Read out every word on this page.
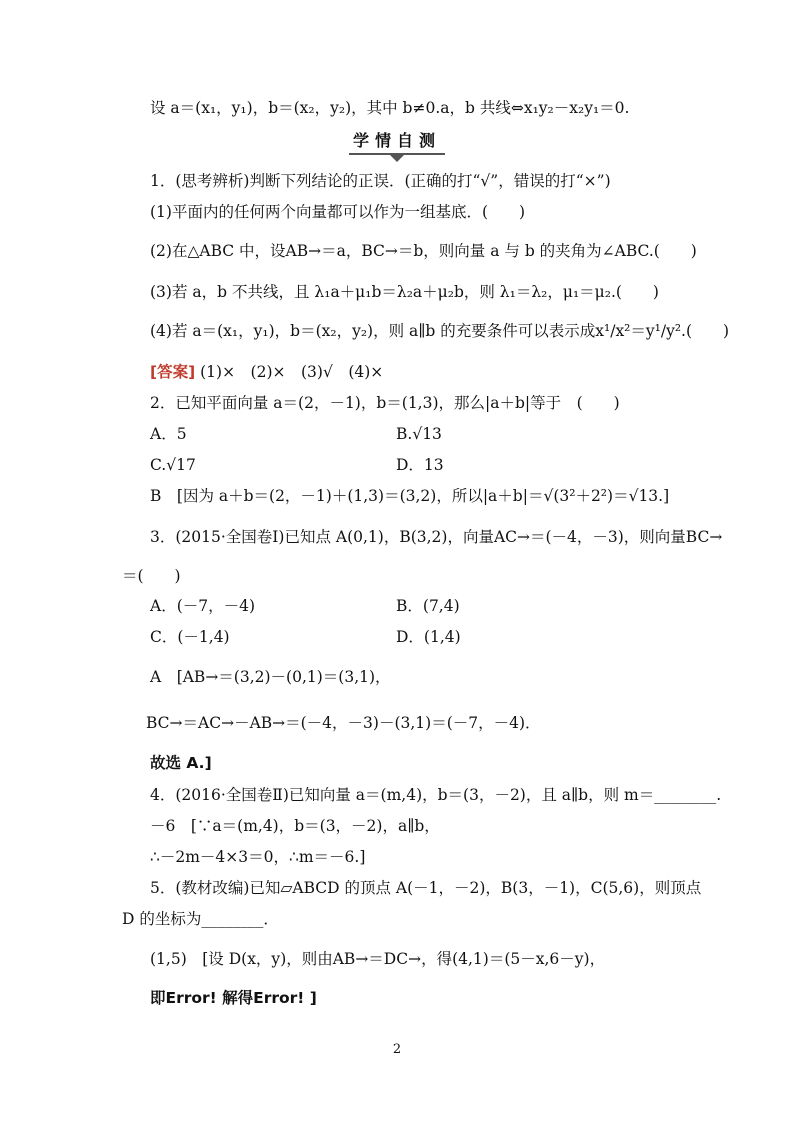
设 a＝(x₁，y₁)，b＝(x₂，y₂)，其中 b≠0.a，b 共线⇔x₁y₂－x₂y₁＝0.
学情自测
1．(思考辨析)判断下列结论的正误．(正确的打“√”，错误的打“×”)
(1)平面内的任何两个向量都可以作为一组基底．(　　)
(2)在△ABC 中，设AB→＝a，BC→＝b，则向量 a 与 b 的夹角为∠ABC.(　　)
(3)若 a，b 不共线，且 λ₁a＋μ₁b＝λ₂a＋μ₂b，则 λ₁＝λ₂，μ₁＝μ₂.(　　)
(4)若 a＝(x₁，y₁)，b＝(x₂，y₂)，则 a∥b 的充要条件可以表示成x¹/x²＝y¹/y².(　　)
[答案] (1)×　(2)×　(3)√　(4)×
2．已知平面向量 a＝(2，－1)，b＝(1,3)，那么|a＋b|等于　(　　)
A．5	B.√13
C.√17	D．13
B　[因为 a＋b＝(2，－1)＋(1,3)＝(3,2)，所以|a＋b|＝√(3²＋2²)＝√13.]
3．(2015·全国卷Ⅰ)已知点 A(0,1)，B(3,2)，向量AC→＝(－4，－3)，则向量BC→
＝(　　)
A．(－7，－4)	B．(7,4)
C．(－1,4)	D．(1,4)
A　[AB→＝(3,2)－(0,1)＝(3,1)，
BC→＝AC→－AB→＝(－4，－3)－(3,1)＝(－7，－4)．
故选 A.]
4．(2016·全国卷Ⅱ)已知向量 a＝(m,4)，b＝(3，－2)，且 a∥b，则 m＝________.
－6　[∵a＝(m,4)，b＝(3，－2)，a∥b，
∴－2m－4×3＝0，∴m＝－6.]
5．(教材改编)已知▱ABCD 的顶点 A(－1，－2)，B(3，－1)，C(5,6)，则顶点
D 的坐标为________．
(1,5)　[设 D(x，y)，则由AB→＝DC→，得(4,1)＝(5－x,6－y)，
即Error! 解得Error! ]
2
